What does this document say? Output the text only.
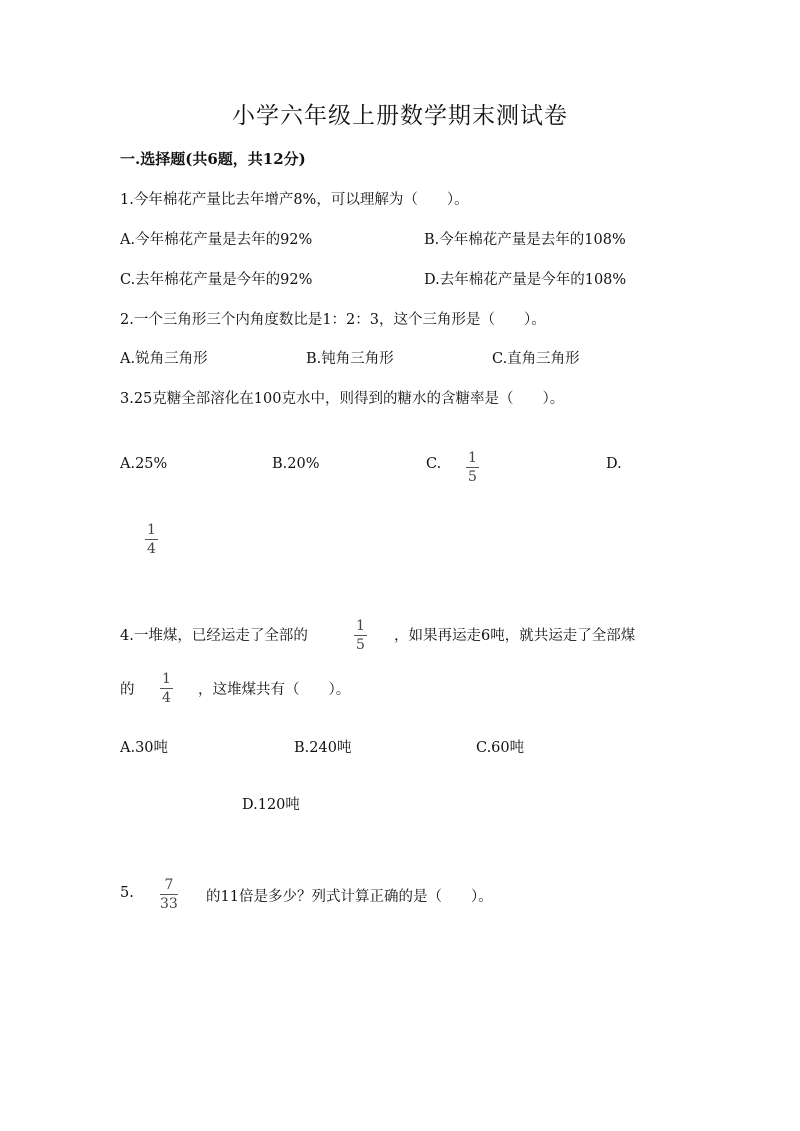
小学六年级上册数学期末测试卷
一.选择题(共6题，共12分)
1.今年棉花产量比去年增产8%，可以理解为（　　）。
A.今年棉花产量是去年的92%	B.今年棉花产量是去年的108%
C.去年棉花产量是今年的92%	D.去年棉花产量是今年的108%
2.一个三角形三个内角度数比是1：2：3，这个三角形是（　　）。
A.锐角三角形	B.钝角三角形	C.直角三角形
3.25克糖全部溶化在100克水中，则得到的糖水的含糖率是（　　）。
A.25%	B.20%	C. 1
5
D.
1
4
4.一堆煤，已经运走了全部的
1
5
，如果再运走6吨，就共运走了全部煤
的
1
4 ，这堆煤共有（　　）。
A.30吨	B.240吨	C.60吨
D.120吨
5. 7
33 的11倍是多少？列式计算正确的是（　　）。
